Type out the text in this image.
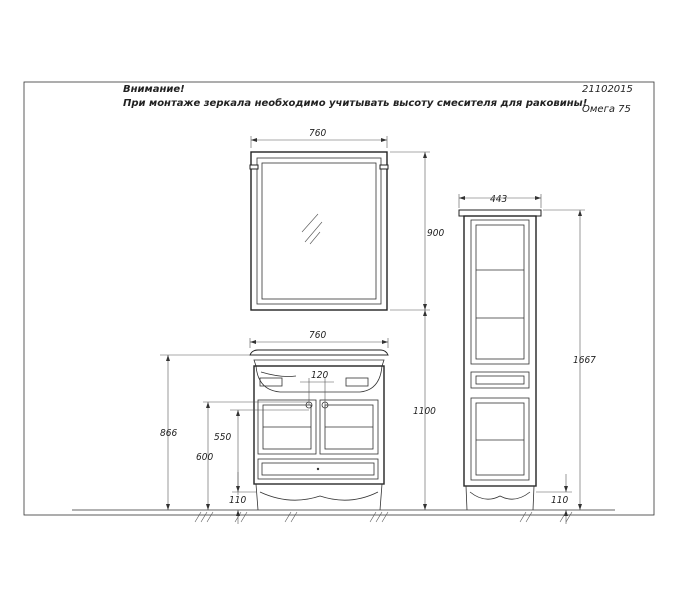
Внимание!
При монтаже зеркала необходимо учитывать высоту смесителя для раковины!
21102015
Омега 75
760
900
1100
760
120
866
600
550
110
443
1667
110
